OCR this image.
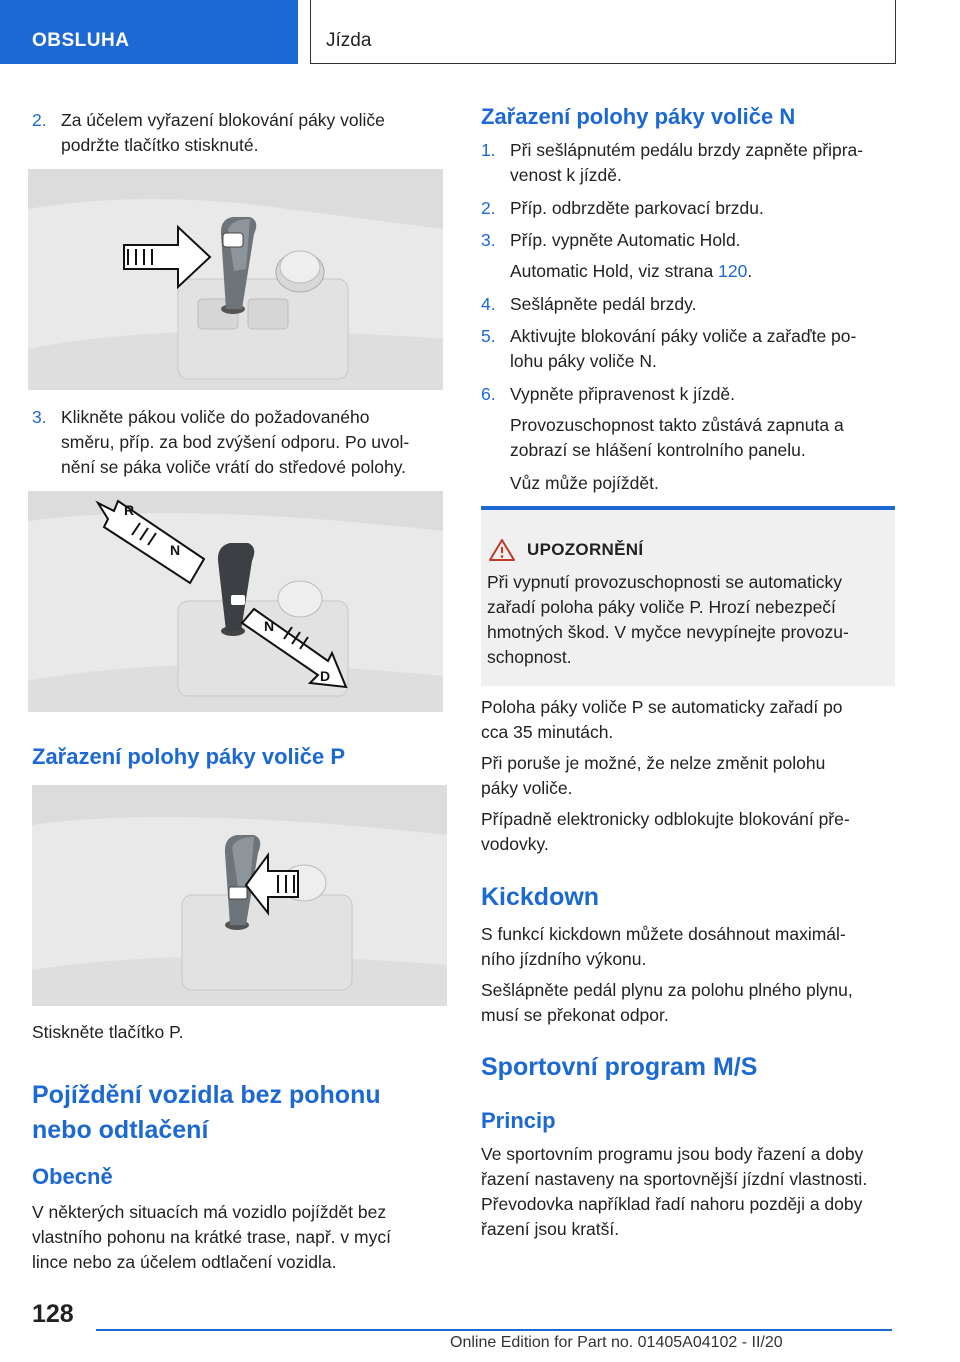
OBSLUHA	Jízda
2. Za účelem vyřazení blokování páky voliče
podržte tlačítko stisknuté.
3. Klikněte pákou voliče do požadovaného
směru, příp. za bod zvýšení odporu. Po uvol-
nění se páka voliče vrátí do středové polohy.
R
N
N
D
Zařazení polohy páky voliče P
Stiskněte tlačítko P.
Pojíždění vozidla bez pohonu
nebo odtlačení
Obecně
V některých situacích má vozidlo pojíždět bez
vlastního pohonu na krátké trase, např. v mycí
lince nebo za účelem odtlačení vozidla.
Zařazení polohy páky voliče N
1. Při sešlápnutém pedálu brzdy zapněte připra-
venost k jízdě.
2. Příp. odbrzděte parkovací brzdu.
3. Příp. vypněte Automatic Hold.
Automatic Hold, viz strana 120.
4. Sešlápněte pedál brzdy.
5. Aktivujte blokování páky voliče a zařaďte po-
lohu páky voliče N.
6. Vypněte připravenost k jízdě.
Provozuschopnost takto zůstává zapnuta a
zobrazí se hlášení kontrolního panelu.
Vůz může pojíždět.
UPOZORNĚNÍ
Při vypnutí provozuschopnosti se automaticky
zařadí poloha páky voliče P. Hrozí nebezpečí
hmotných škod. V myčce nevypínejte provozu-
schopnost.
Poloha páky voliče P se automaticky zařadí po
cca 35 minutách.
Při poruše je možné, že nelze změnit polohu
páky voliče.
Případně elektronicky odblokujte blokování pře-
vodovky.
Kickdown
S funkcí kickdown můžete dosáhnout maximál-
ního jízdního výkonu.
Sešlápněte pedál plynu za polohu plného plynu,
musí se překonat odpor.
Sportovní program M/S
Princip
Ve sportovním programu jsou body řazení a doby
řazení nastaveny na sportovnější jízdní vlastnosti.
Převodovka například řadí nahoru později a doby
řazení jsou kratší.
128
Online Edition for Part no. 01405A04102 - II/20
